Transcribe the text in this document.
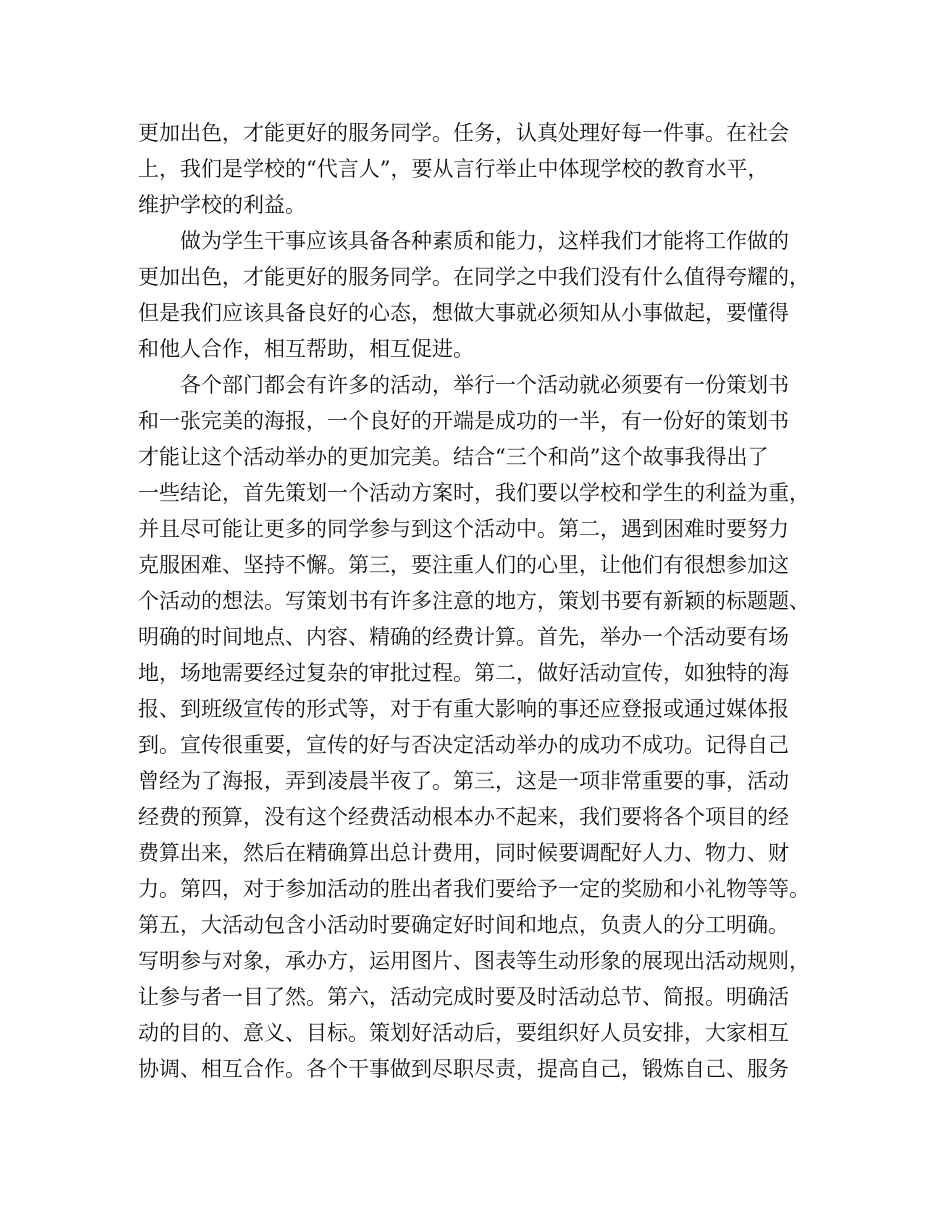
更加出色，才能更好的服务同学。任务，认真处理好每一件事。在社会
上，我们是学校的“代言人”，要从言行举止中体现学校的教育水平，
维护学校的利益。
做为学生干事应该具备各种素质和能力，这样我们才能将工作做的
更加出色，才能更好的服务同学。在同学之中我们没有什么值得夸耀的，
但是我们应该具备良好的心态，想做大事就必须知从小事做起，要懂得
和他人合作，相互帮助，相互促进。
各个部门都会有许多的活动，举行一个活动就必须要有一份策划书
和一张完美的海报，一个良好的开端是成功的一半，有一份好的策划书
才能让这个活动举办的更加完美。结合“三个和尚”这个故事我得出了
一些结论，首先策划一个活动方案时，我们要以学校和学生的利益为重，
并且尽可能让更多的同学参与到这个活动中。第二，遇到困难时要努力
克服困难、坚持不懈。第三，要注重人们的心里，让他们有很想参加这
个活动的想法。写策划书有许多注意的地方，策划书要有新颖的标题题、
明确的时间地点、内容、精确的经费计算。首先，举办一个活动要有场
地，场地需要经过复杂的审批过程。第二，做好活动宣传，如独特的海
报、到班级宣传的形式等，对于有重大影响的事还应登报或通过媒体报
到。宣传很重要，宣传的好与否决定活动举办的成功不成功。记得自己
曾经为了海报，弄到凌晨半夜了。第三，这是一项非常重要的事，活动
经费的预算，没有这个经费活动根本办不起来，我们要将各个项目的经
费算出来，然后在精确算出总计费用，同时候要调配好人力、物力、财
力。第四，对于参加活动的胜出者我们要给予一定的奖励和小礼物等等。
第五，大活动包含小活动时要确定好时间和地点，负责人的分工明确。
写明参与对象，承办方，运用图片、图表等生动形象的展现出活动规则，
让参与者一目了然。第六，活动完成时要及时活动总节、简报。明确活
动的目的、意义、目标。策划好活动后，要组织好人员安排，大家相互
协调、相互合作。各个干事做到尽职尽责，提高自己，锻炼自己、服务
